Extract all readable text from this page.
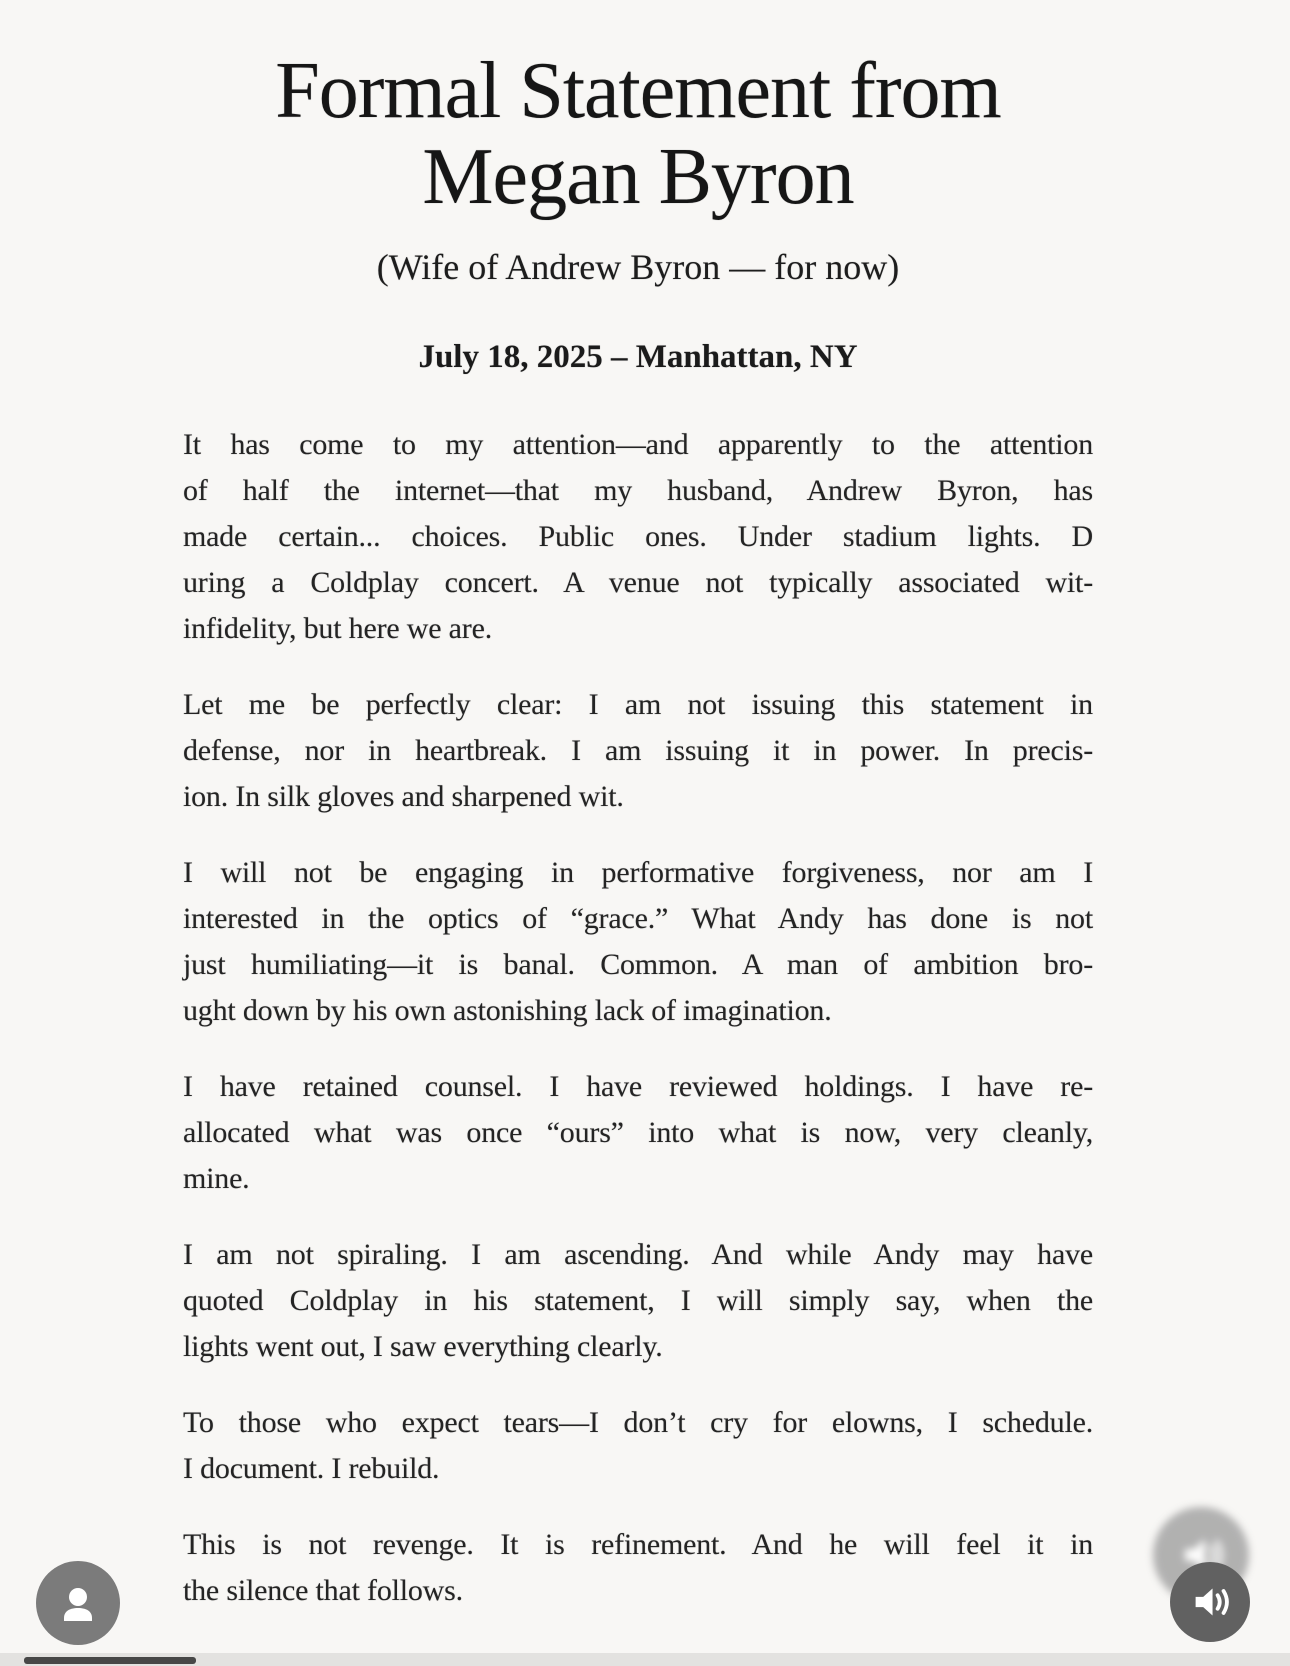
Formal Statement from
Megan Byron
(Wife of Andrew Byron — for now)
July 18, 2025 – Manhattan, NY

It has come to my attention—and apparently to the attention
of half the internet—that my husband, Andrew Byron, has
made certain... choices. Public ones. Under stadium lights. D
uring a Coldplay concert. A venue not typically associated wit-
infidelity, but here we are.

Let me be perfectly clear: I am not issuing this statement in
defense, nor in heartbreak. I am issuing it in power. In precis-
ion. In silk gloves and sharpened wit.

I will not be engaging in performative forgiveness, nor am I
interested in the optics of “grace.” What Andy has done is not
just humiliating—it is banal. Common. A man of ambition bro-
ught down by his own astonishing lack of imagination.

I have retained counsel. I have reviewed holdings. I have re-
allocated what was once “ours” into what is now, very cleanly,
mine.

I am not spiraling. I am ascending. And while Andy may have
quoted Coldplay in his statement, I will simply say, when the
lights went out, I saw everything clearly.

To those who expect tears—I don’t cry for elowns, I schedule.
I document. I rebuild.

This is not revenge. It is refinement. And he will feel it in
the silence that follows.
